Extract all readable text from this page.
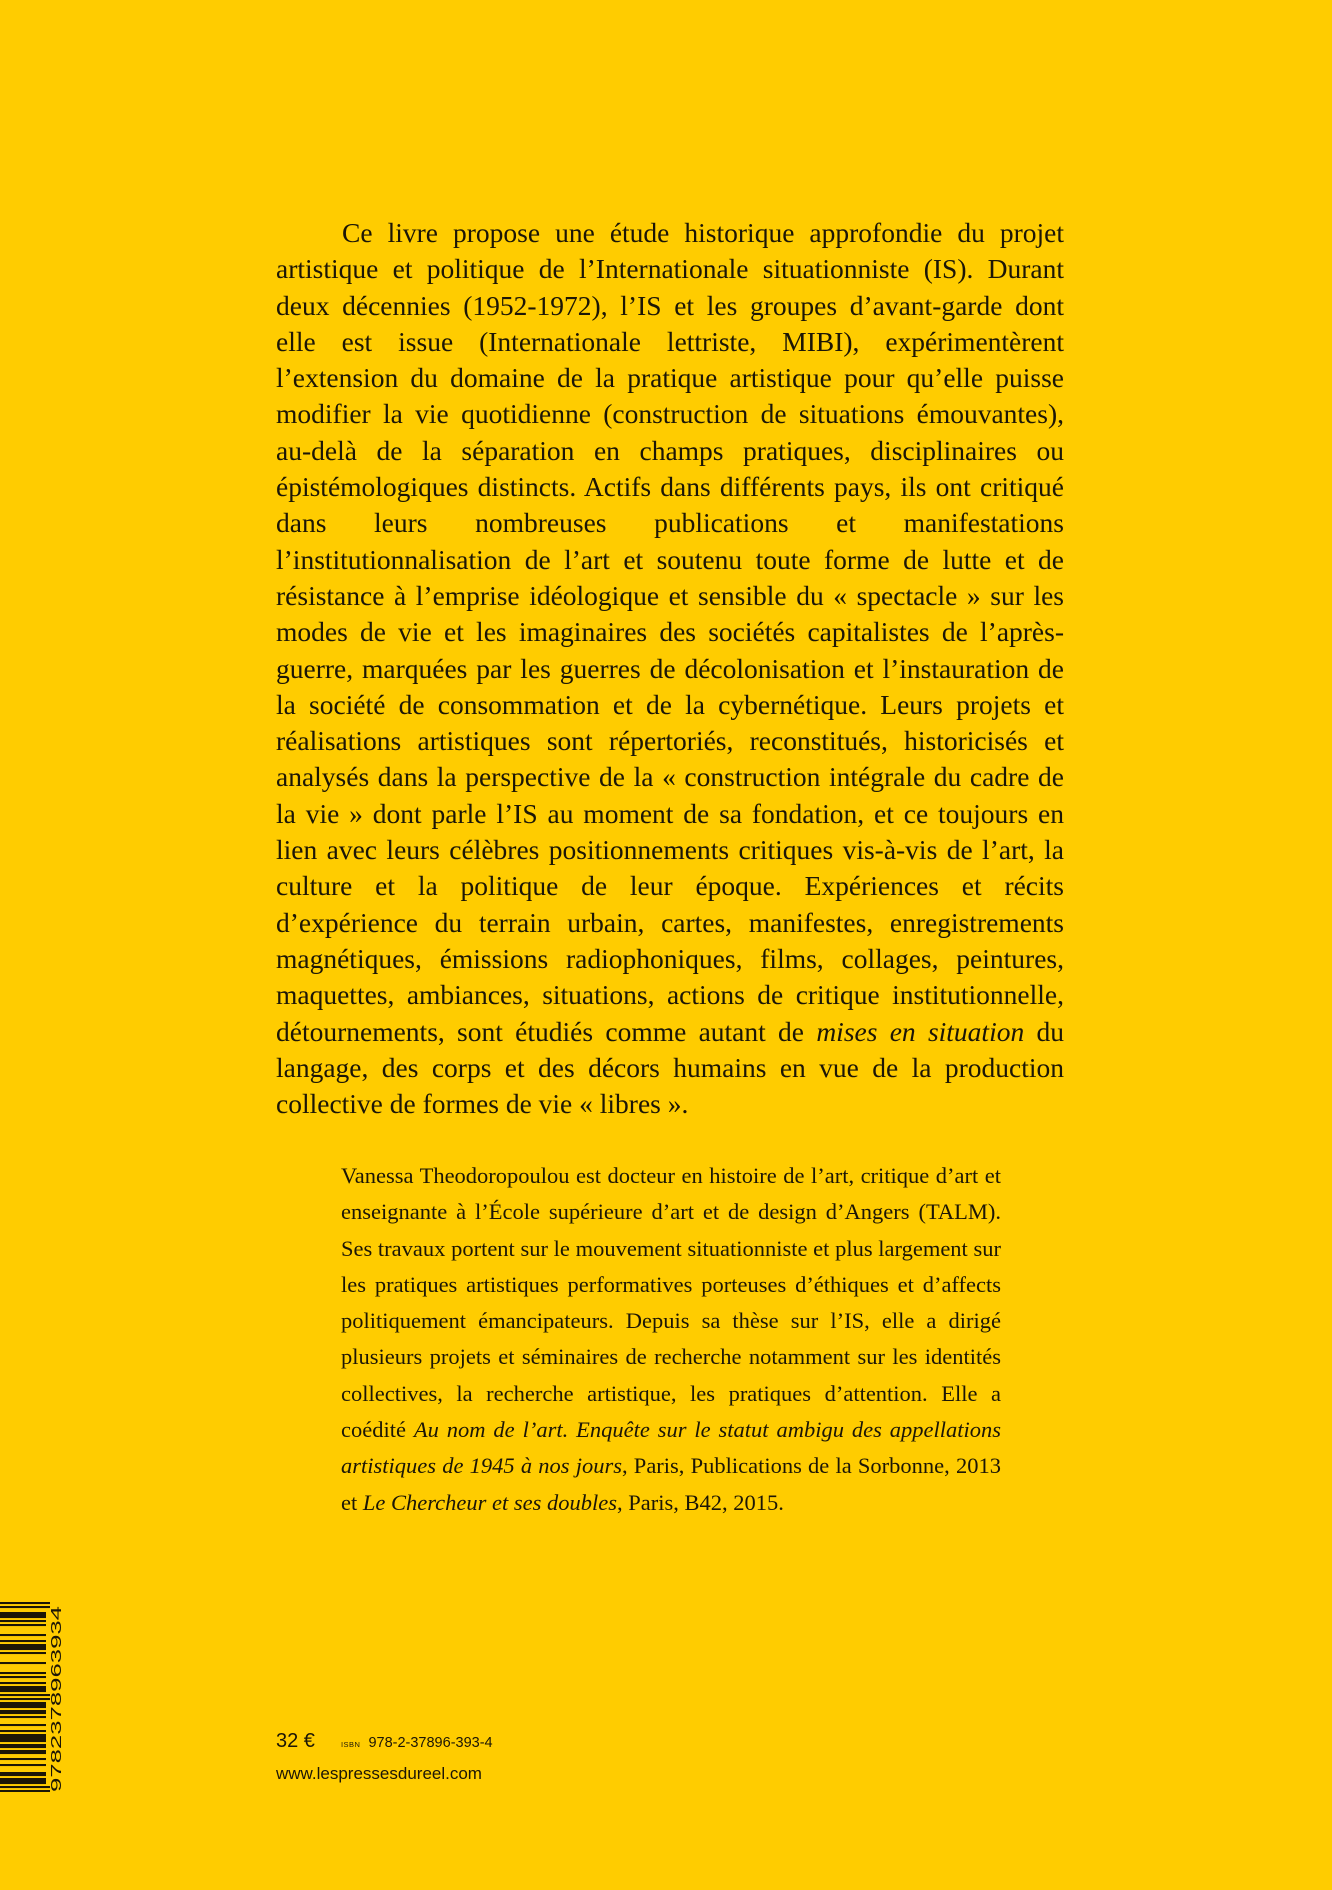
Ce livre propose une étude historique approfondie du projet artistique et politique de l’Internationale situationniste (IS). Durant deux décennies (1952-1972), l’IS et les groupes d’avant-garde dont elle est issue (Internationale lettriste, MIBI), expérimentèrent l’extension du domaine de la pratique artistique pour qu’elle puisse modifier la vie quotidienne (construction de situations émouvantes), au-delà de la séparation en champs pratiques, disciplinaires ou épistémologiques distincts. Actifs dans différents pays, ils ont critiqué dans leurs nombreuses publications et manifestations l’institutionnalisation de l’art et soutenu toute forme de lutte et de résistance à l’emprise idéologique et sensible du « spectacle » sur les modes de vie et les imaginaires des sociétés capitalistes de l’après-guerre, marquées par les guerres de décolonisation et l’instauration de la société de consommation et de la cybernétique. Leurs projets et réalisations artistiques sont répertoriés, reconstitués, historicisés et analysés dans la perspective de la « construction intégrale du cadre de la vie » dont parle l’IS au moment de sa fondation, et ce toujours en lien avec leurs célèbres positionnements critiques vis-à-vis de l’art, la culture et la politique de leur époque. Expériences et récits d’expérience du terrain urbain, cartes, manifestes, enregistrements magnétiques, émissions radiophoniques, films, collages, peintures, maquettes, ambiances, situations, actions de critique institutionnelle, détournements, sont étudiés comme autant de mises en situation du langage, des corps et des décors humains en vue de la production collective de formes de vie « libres ».

Vanessa Theodoropoulou est docteur en histoire de l’art, critique d’art et enseignante à l’École supérieure d’art et de design d’Angers (TALM). Ses travaux portent sur le mouvement situationniste et plus largement sur les pratiques artistiques performatives porteuses d’éthiques et d’affects politiquement émancipateurs. Depuis sa thèse sur l’IS, elle a dirigé plusieurs projets et séminaires de recherche notamment sur les identités collectives, la recherche artistique, les pratiques d’attention. Elle a coédité Au nom de l’art. Enquête sur le statut ambigu des appellations artistiques de 1945 à nos jours, Paris, Publications de la Sorbonne, 2013 et Le Chercheur et ses doubles, Paris, B42, 2015.

9782378963934	32 €	ISBN 978-2-37896-393-4
www.lespressesdureel.com
